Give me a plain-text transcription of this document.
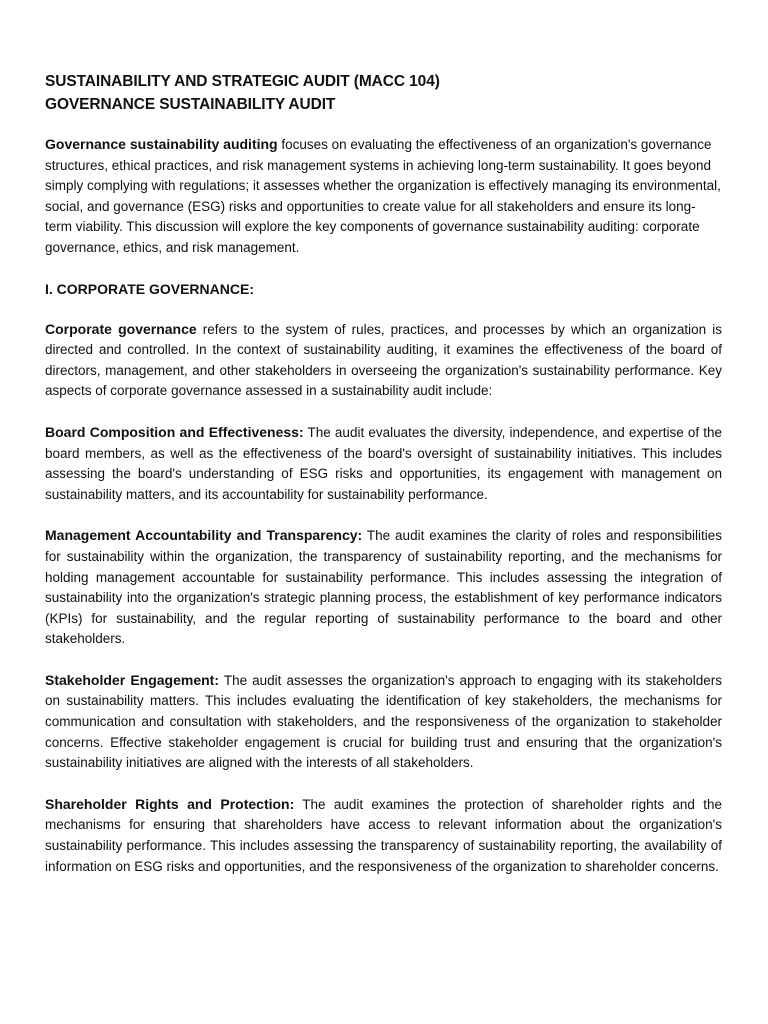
SUSTAINABILITY AND STRATEGIC AUDIT (MACC 104)
GOVERNANCE SUSTAINABILITY AUDIT

Governance sustainability auditing focuses on evaluating the effectiveness of an organization's governance structures, ethical practices, and risk management systems in achieving long-term sustainability. It goes beyond simply complying with regulations; it assesses whether the organization is effectively managing its environmental, social, and governance (ESG) risks and opportunities to create value for all stakeholders and ensure its long-term viability. This discussion will explore the key components of governance sustainability auditing: corporate governance, ethics, and risk management.

I. CORPORATE GOVERNANCE:

Corporate governance refers to the system of rules, practices, and processes by which an organization is directed and controlled. In the context of sustainability auditing, it examines the effectiveness of the board of directors, management, and other stakeholders in overseeing the organization's sustainability performance. Key aspects of corporate governance assessed in a sustainability audit include:

Board Composition and Effectiveness: The audit evaluates the diversity, independence, and expertise of the board members, as well as the effectiveness of the board's oversight of sustainability initiatives. This includes assessing the board's understanding of ESG risks and opportunities, its engagement with management on sustainability matters, and its accountability for sustainability performance.

Management Accountability and Transparency: The audit examines the clarity of roles and responsibilities for sustainability within the organization, the transparency of sustainability reporting, and the mechanisms for holding management accountable for sustainability performance. This includes assessing the integration of sustainability into the organization's strategic planning process, the establishment of key performance indicators (KPIs) for sustainability, and the regular reporting of sustainability performance to the board and other stakeholders.

Stakeholder Engagement: The audit assesses the organization's approach to engaging with its stakeholders on sustainability matters. This includes evaluating the identification of key stakeholders, the mechanisms for communication and consultation with stakeholders, and the responsiveness of the organization to stakeholder concerns. Effective stakeholder engagement is crucial for building trust and ensuring that the organization's sustainability initiatives are aligned with the interests of all stakeholders.

Shareholder Rights and Protection: The audit examines the protection of shareholder rights and the mechanisms for ensuring that shareholders have access to relevant information about the organization's sustainability performance. This includes assessing the transparency of sustainability reporting, the availability of information on ESG risks and opportunities, and the responsiveness of the organization to shareholder concerns.
